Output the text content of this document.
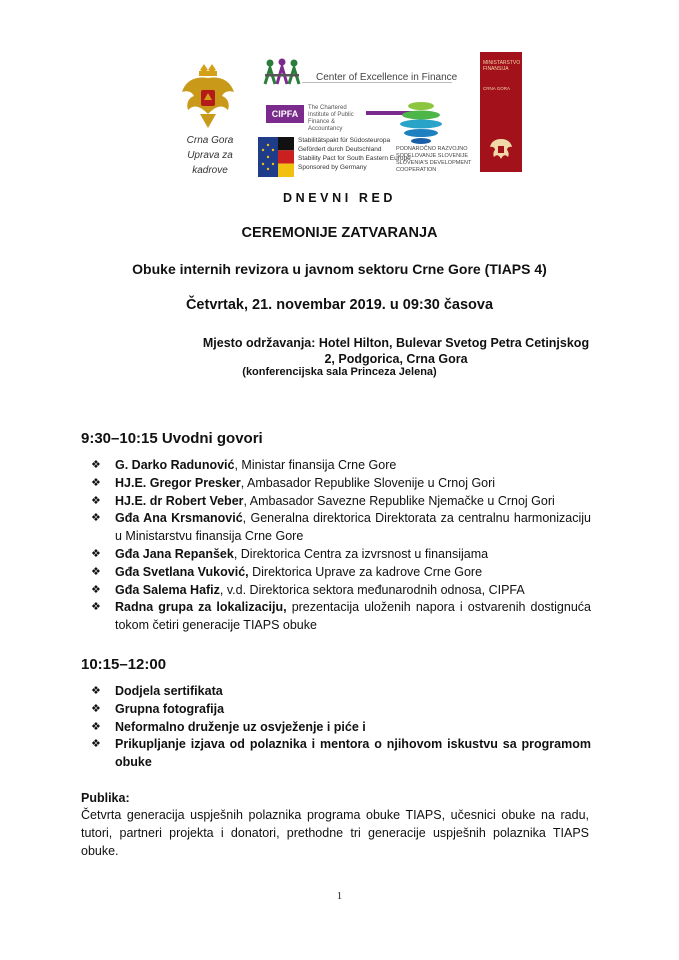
Crna Gora
Uprava za kadrove
Center of Excellence in Finance
CIPFA
The Chartered Institute of Public Finance & Accountancy
Stabilitätspakt für Südosteuropa
Gefördert durch Deutschland
Stability Pact for South Eastern Europe
Sponsored by Germany
PODNAROČNO RAZVOJNO
SODELOVANJE SLOVENIJE
SLOVENIA'S DEVELOPMENT
COOPERATION
MINISTARSTVO FINANSIJA
CRNA GORA
DNEVNI RED
CEREMONIJE ZATVARANJA
Obuke internih revizora u javnom sektoru Crne Gore (TIAPS 4)
Četvrtak, 21. novembar 2019. u 09:30 časova
Mjesto održavanja: Hotel Hilton, Bulevar Svetog Petra Cetinjskog 2, Podgorica, Crna Gora
(konferencijska sala Princeza Jelena)
9:30–10:15 Uvodni govori
❖ G. Darko Radunović, Ministar finansija Crne Gore
❖ HJ.E. Gregor Presker, Ambasador Republike Slovenije u Crnoj Gori
❖ HJ.E. dr Robert Veber, Ambasador Savezne Republike Njemačke u Crnoj Gori
❖ Gđa Ana Krsmanović, Generalna direktorica Direktorata za centralnu harmonizaciju u Ministarstvu finansija Crne Gore
❖ Gđa Jana Repanšek, Direktorica Centra za izvrsnost u finansijama
❖ Gđa Svetlana Vuković, Direktorica Uprave za kadrove Crne Gore
❖ Gđa Salema Hafiz, v.d. Direktorica sektora međunarodnih odnosa, CIPFA
❖ Radna grupa za lokalizaciju, prezentacija uloženih napora i ostvarenih dostignuća tokom četiri generacije TIAPS obuke
10:15–12:00
❖ Dodjela sertifikata
❖ Grupna fotografija
❖ Neformalno druženje uz osvježenje i piće i
❖ Prikupljanje izjava od polaznika i mentora o njihovom iskustvu sa programom obuke
Publika:
Četvrta generacija uspješnih polaznika programa obuke TIAPS, učesnici obuke na radu, tutori, partneri projekta i donatori, prethodne tri generacije uspješnih polaznika TIAPS obuke.
1
